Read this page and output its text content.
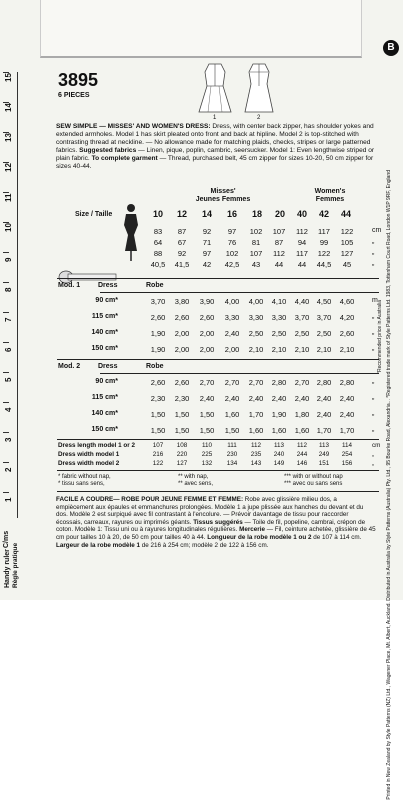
B
15
14
13
12
11
10
9
8
7
6
5
4
3
2
1
C/ms
Handy ruler Règle pratique
3895
6 PIECES
1	2
SEW SIMPLE — MISSES' AND WOMEN'S DRESS: Dress, with center back zipper, has shoulder yokes and extended armholes. Model 1 has skirt pleated onto front and back at hipline. Model 2 is top-stitched with contrasting thread at neckline. — No allowance made for matching plaids, checks, stripes or large patterned fabrics. Suggested fabrics — Linen, pique, poplin, cambric, seersucker. Model 1: Even lengthwise striped or plain fabric. To complete garment — Thread, purchased belt, 45 cm zipper for sizes 10-20, 50 cm zipper for sizes 40-44.
Printed in New Zealand by Style Patterns (NZ) Ltd., Wagener Place, Mt. Albert, Auckland. Distributed in Australia by Style Patterns (Australia) Pty. Ltd., 95 Bourke Road, Alexandria... *Registered trade mark of Style Patterns Ltd. 1983, Tottenham Court Road, London W1P 9RF, England
*Recommended price in Australia
Misses'
Jeunes Femmes
Women's
Femmes
Size / Taille	10	12	14	16	18	20	40	42	44
83	87	92	97	102	107	112	117	122	cm
64	67	71	76	81	87	94	99	105	„
88	92	97	102	107	112	117	122	127	„
40,5	41,5	42	42,5	43	44	44	44,5	45	„
Mod. 1	Dress	Robe
90 cm*	3,70	3,80	3,90	4,00	4,00	4,10	4,40 4,50	4,60	m
115 cm*	2,60	2,60	2,60	3,30	3,30	3,30	3,70 3,70	4,20	„
140 cm*	1,90	2,00	2,00	2,40	2,50	2,50	2,50 2,50	2,60	„
150 cm*	1,90	2,00	2,00	2,00	2,10	2,10	2,10 2,10	2,10	„
Mod. 2	Dress	Robe
90 cm*	2,60	2,60	2,70	2,70	2,70	2,80	2,70 2,80	2,80	„
115 cm*	2,30	2,30	2,40	2,40	2,40	2,40	2,40 2,40	2,40	„
140 cm*	1,50	1,50	1,50	1,60	1,70	1,90	1,80 2,40	2,40	„
150 cm*	1,50	1,50	1,50	1,50	1,60	1,60	1,60 1,70	1,70	„
Dress length model 1 or 2	107	108	110	111	112	113	112	113	114	cm
Dress width model 1	216	220	225	230	235	240	244	249	254	„
Dress width model 2	122	127	132	134	143	149	146	151	156	„
* fabric without nap,
* tissu sans sens,
** with nap,
** avec sens,
*** with or without nap
*** avec ou sans sens
FACILE A COUDRE— ROBE POUR JEUNE FEMME ET FEMME: Robe avec glissière milieu dos, a empiècement aux épaules et emmanchures prolongées. Modèle 1 a jupe plissée aux hanches du devant et du dos. Modèle 2 est surpiqué avec fil contrastant à l'encolure. — Prévoir davantage de tissu pour raccorder écossais, carreaux, rayures ou imprimés géants. Tissus suggérés — Toile de fil, popeline, cambrai, crépon de coton. Modèle 1: Tissu uni ou à rayures longitudinales régulières. Mercerie — Fil, ceinture achetée, glissière de 45 cm pour tailles 10 à 20, de 50 cm pour tailles 40 à 44. Longueur de la robe modèle 1 ou 2 de 107 à 114 cm. Largeur de la robe modèle 1 de 216 à 254 cm; modèle 2 de 122 à 156 cm.
